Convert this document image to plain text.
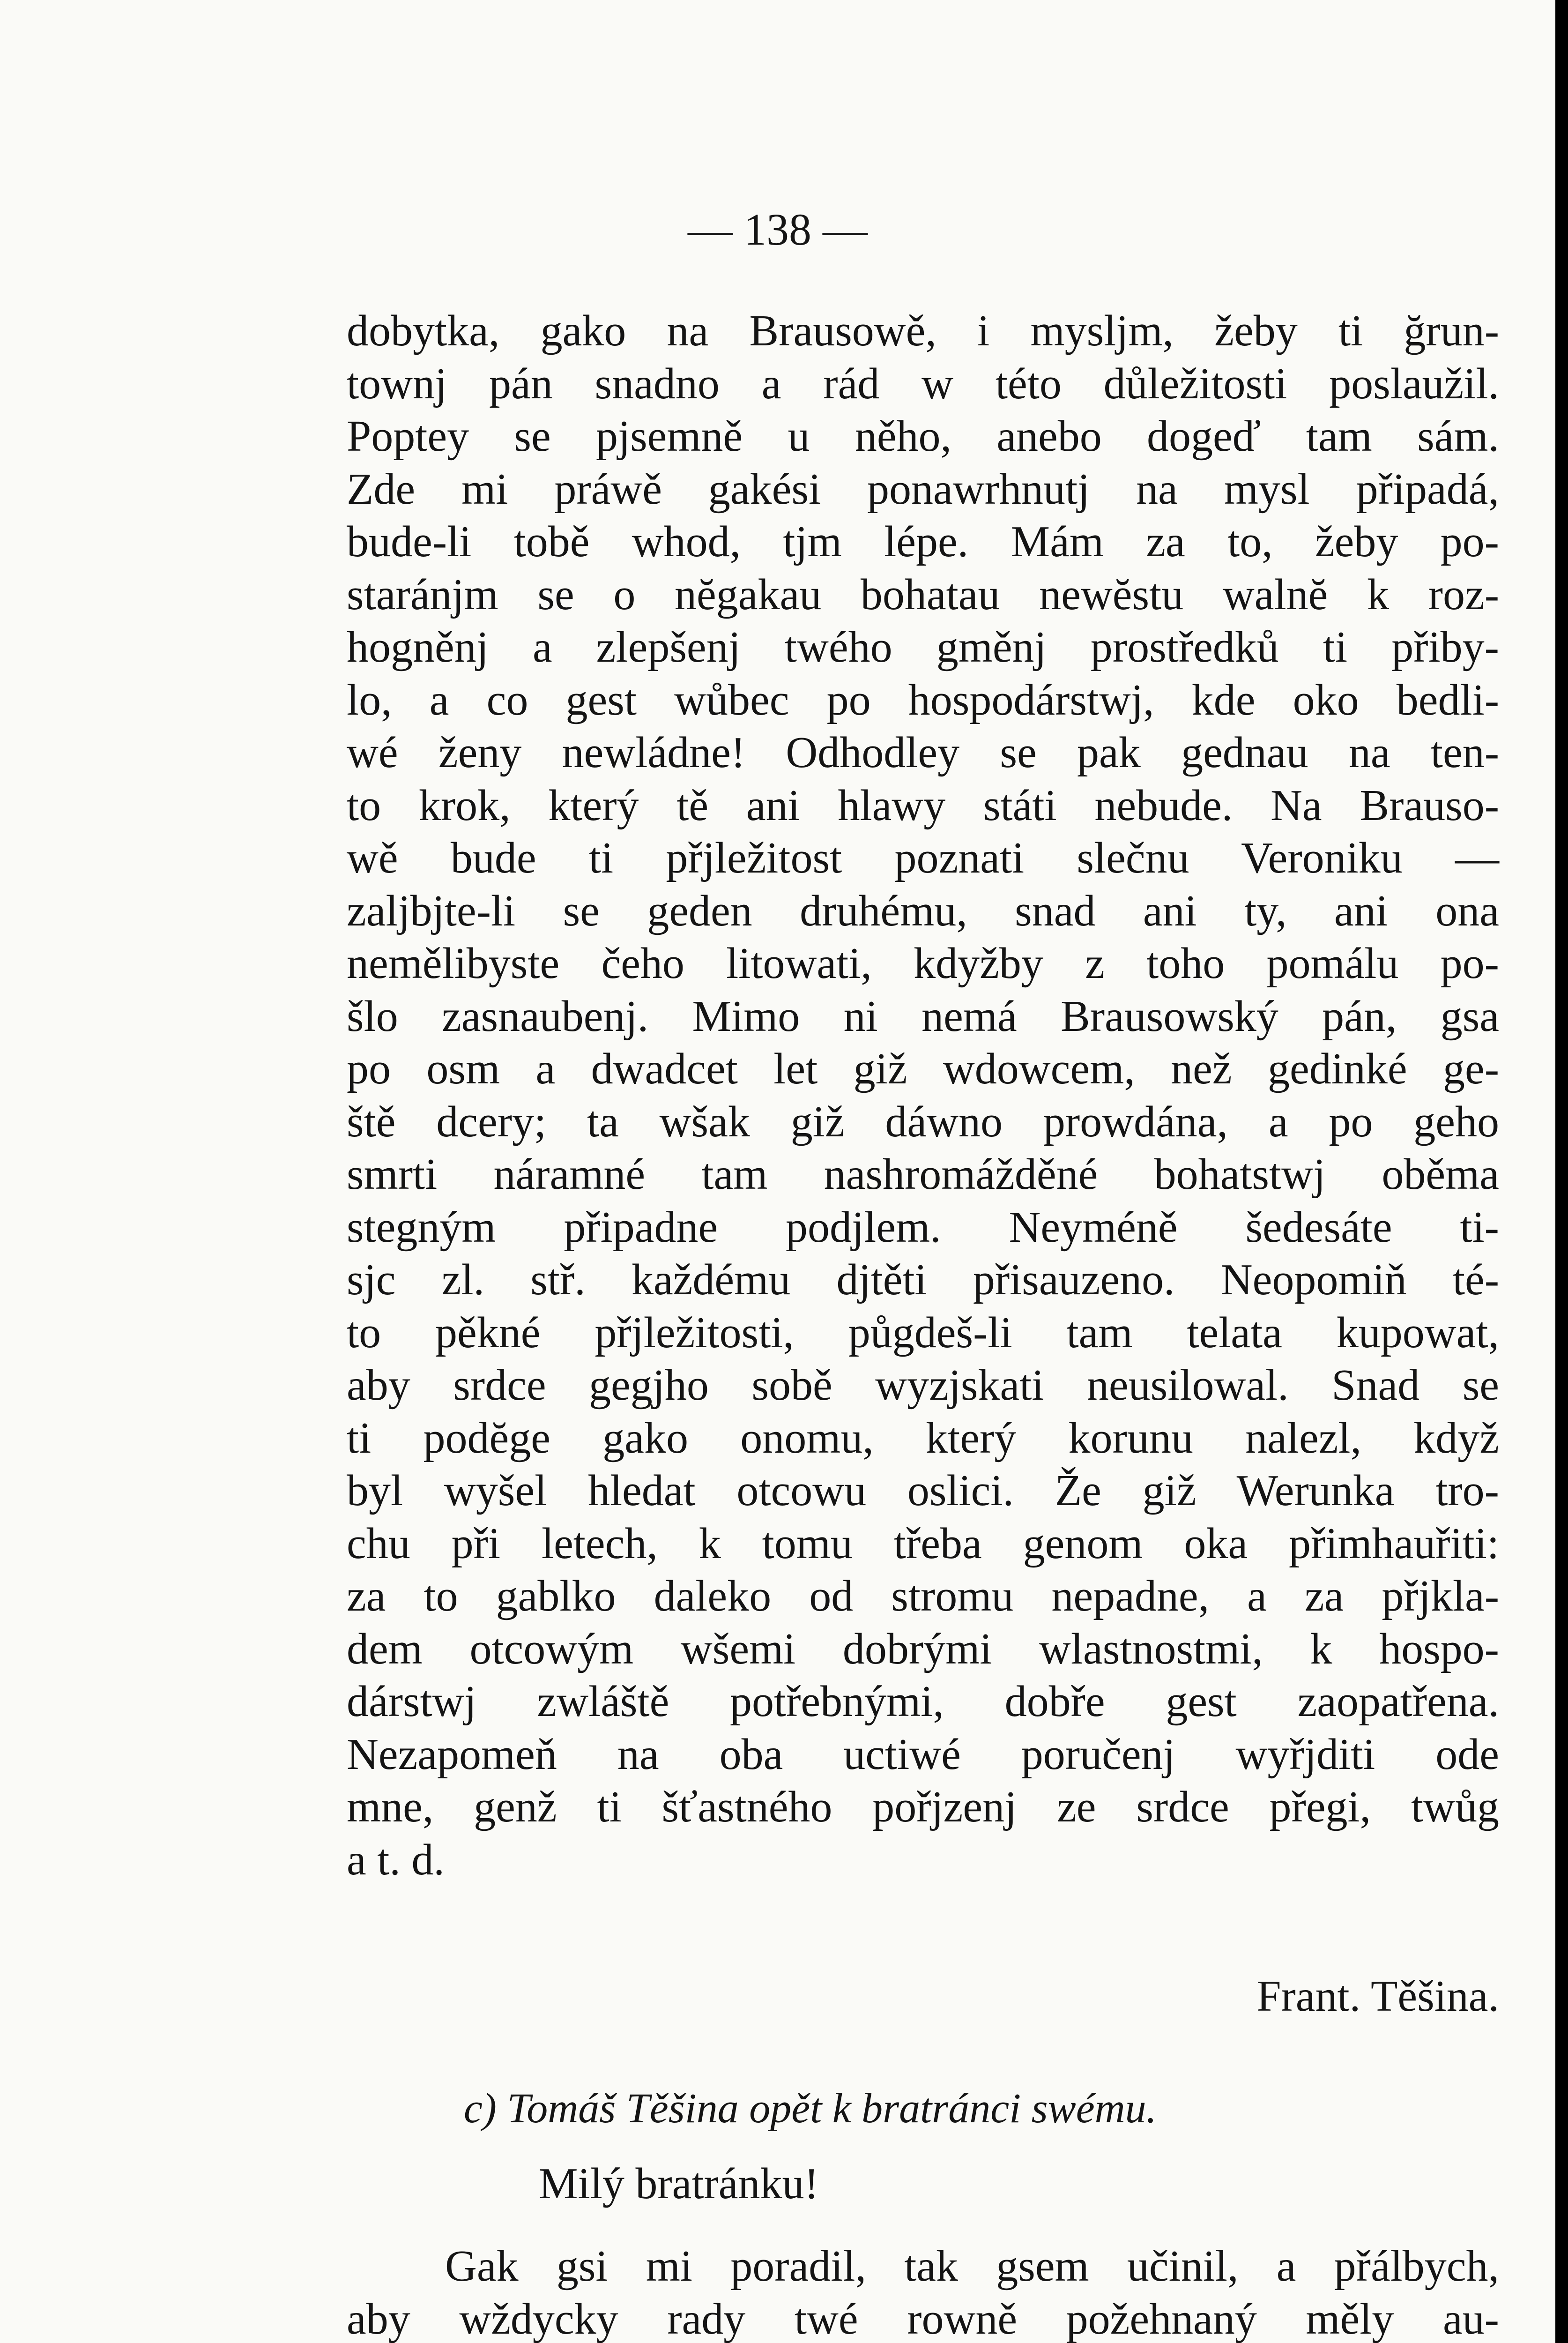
— 138 —
dobytka, gako na Brausowě, i myslјm, žeby ti ğrun-
townj pán snadno a rád w této důležitosti poslaužil.
Poptey se pjsemně u něho, anebo dogeď tam sám.
Zde mi práwě gakési ponawrhnutj na mysl připadá,
bude-li tobě whod, tjm lépe. Mám za to, žeby po-
staránjm se o nĕgakau bohatau newĕstu walnĕ k roz-
hogněnj a zlepšenj twého gměnj prostředků ti přiby-
lo, a co gest wůbec po hospodárstwj, kde oko bedli-
wé ženy newládne! Odhodley se pak gednau na ten-
to krok, který tě ani hlawy státi nebude. Na Brauso-
wě bude ti přjležitost poznati slečnu Veroniku —
zaljbjte-li se geden druhému, snad ani ty, ani ona
nemělibyste čeho litowati, kdyžby z toho pomálu po-
šlo zasnaubenj. Mimo ni nemá Brausowský pán, gsa
po osm a dwadcet let giž wdowcem, než gedinké ge-
ště dcery; ta wšak giž dáwno prowdána, a po geho
smrti náramné tam nashromážděné bohatstwj oběma
stegným připadne podjlem. Neyméně šedesáte ti-
sjc zl. stř. každému djtěti přisauzeno. Neopomiň té-
to pěkné přjležitosti, půgdeš-li tam telata kupowat,
aby srdce gegjho sobě wyzjskati neusilowal. Snad se
ti podĕge gako onomu, který korunu nalezl, když
byl wyšel hledat otcowu oslici. Že giž Werunka tro-
chu při letech, k tomu třeba genom oka přimhauřiti:
za to gablko daleko od stromu nepadne, a za přjkla-
dem otcowým wšemi dobrými wlastnostmi, k hospo-
dárstwj zwláště potřebnými, dobře gest zaopatřena.
Nezapomeň na oba uctiwé poručenj wyřjditi ode
mne, genž ti šťastného pořjzenj ze srdce přegi, twůg
a t. d.
Frant. Těšina.
c) Tomáš Těšina opět k bratránci swému.
Milý bratránku!
Gak gsi mi poradil, tak gsem učinil, a přálbych,
aby wždycky rady twé rowně požehnaný měly au-
